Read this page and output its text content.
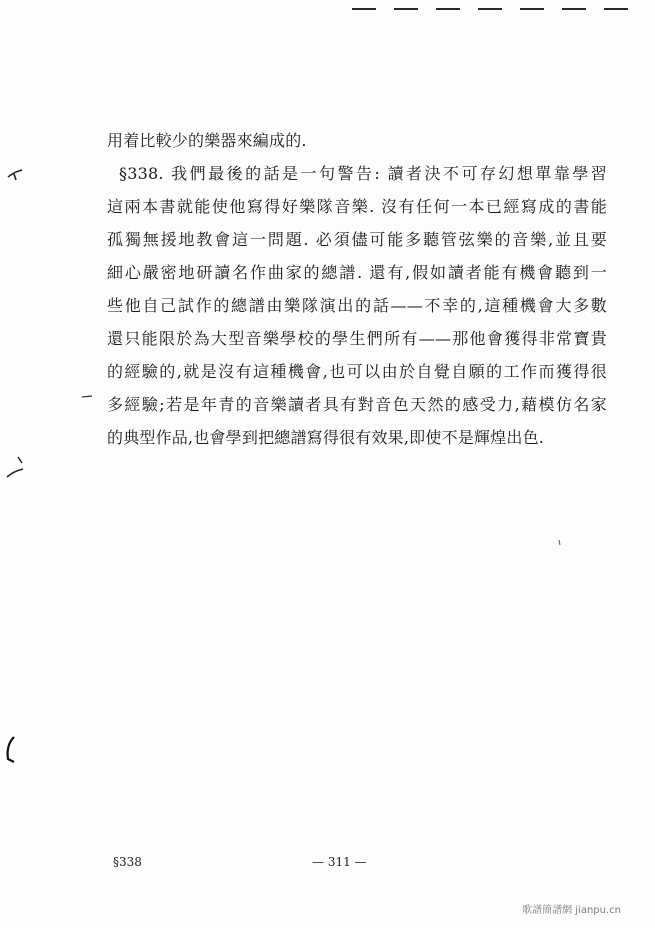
用着比較少的樂器來編成的.
§338. 我們最後的話是一句警告: 讀者決不可存幻想單靠學習
這兩本書就能使他寫得好樂隊音樂. 沒有任何一本已經寫成的書能
孤獨無援地教會這一問題. 必須儘可能多聽管弦樂的音樂,並且要
細心嚴密地研讀名作曲家的總譜. 還有,假如讀者能有機會聽到一
些他自己試作的總譜由樂隊演出的話——不幸的,這種機會大多數
還只能限於為大型音樂學校的學生們所有——那他會獲得非常寶貴
的經驗的,就是沒有這種機會,也可以由於自覺自願的工作而獲得很
多經驗;若是年青的音樂讀者具有對音色天然的感受力,藉模仿名家
的典型作品,也會學到把總譜寫得很有效果,即使不是輝煌出色.
§338	— 311 —
歌譜簡譜網 jianpu.cn
